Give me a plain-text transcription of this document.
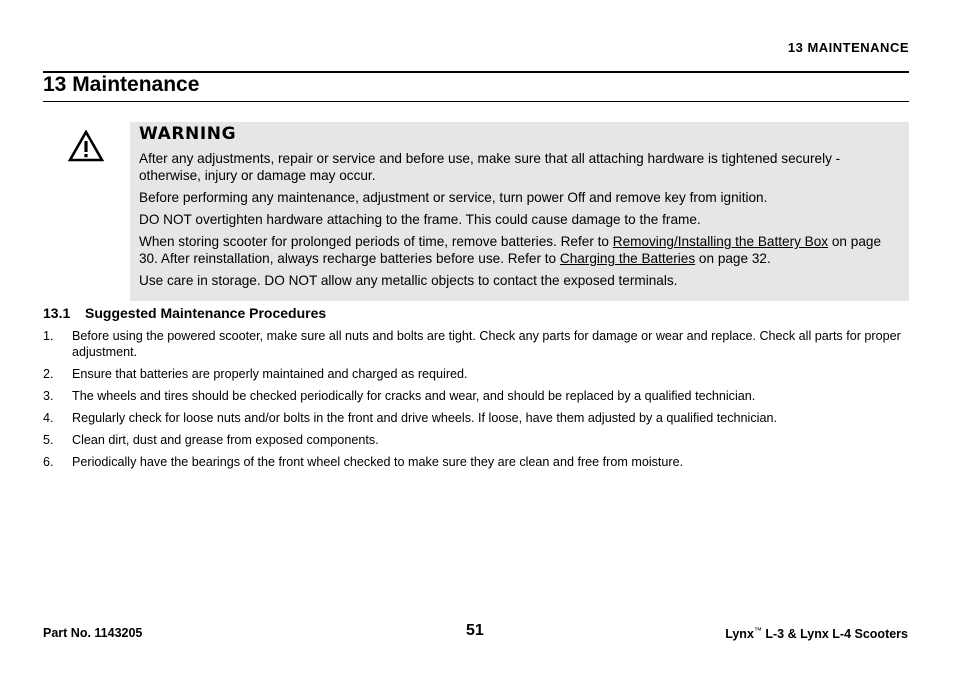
13 MAINTENANCE
13 Maintenance
WARNING

After any adjustments, repair or service and before use, make sure that all attaching hardware is tightened securely - otherwise, injury or damage may occur.

Before performing any maintenance, adjustment or service, turn power Off and remove key from ignition.

DO NOT overtighten hardware attaching to the frame. This could cause damage to the frame.

When storing scooter for prolonged periods of time, remove batteries. Refer to Removing/Installing the Battery Box on page 30. After reinstallation, always recharge batteries before use. Refer to Charging the Batteries on page 32.

Use care in storage. DO NOT allow any metallic objects to contact the exposed terminals.

13.1 Suggested Maintenance Procedures
1. Before using the powered scooter, make sure all nuts and bolts are tight. Check any parts for damage or wear and replace. Check all parts for proper adjustment.
2. Ensure that batteries are properly maintained and charged as required.
3. The wheels and tires should be checked periodically for cracks and wear, and should be replaced by a qualified technician.
4. Regularly check for loose nuts and/or bolts in the front and drive wheels. If loose, have them adjusted by a qualified technician.
5. Clean dirt, dust and grease from exposed components.
6. Periodically have the bearings of the front wheel checked to make sure they are clean and free from moisture.
Part No. 1143205	51	Lynx™ L-3 & Lynx L-4 Scooters
